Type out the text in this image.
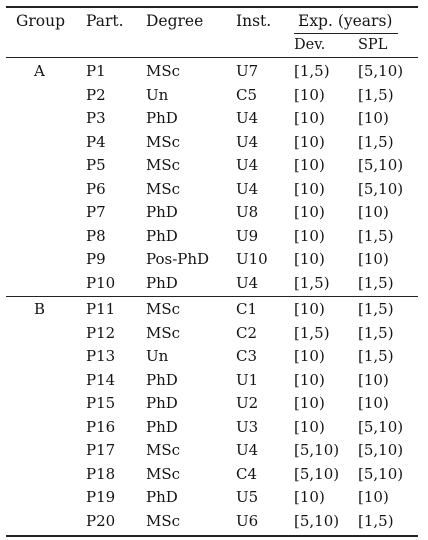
Group Part. Degree Inst. Exp. (years)
Dev. SPL
A	P1	MSc	U7 [1,5) [5,10)
P2	Un	C5 [10) [1,5)
P3	PhD	U4 [10) [10)
P4	MSc	U4 [10) [1,5)
P5	MSc	U4 [10) [5,10)
P6	MSc	U4 [10) [5,10)
P7	PhD	U8 [10) [10)
P8	PhD	U9 [10) [1,5)
P9	Pos-PhD U10 [10) [10)
P10 PhD	U4 [1,5) [1,5)
B	P11 MSc	C1 [10) [1,5)
P12 MSc	C2 [1,5) [1,5)
P13 Un	C3 [10) [1,5)
P14 PhD	U1 [10) [10)
P15 PhD	U2 [10) [10)
P16 PhD	U3 [10) [5,10)
P17 MSc	U4 [5,10) [5,10)
P18 MSc	C4 [5,10) [5,10)
P19 PhD	U5 [10) [10)
P20 MSc	U6 [5,10) [1,5)
